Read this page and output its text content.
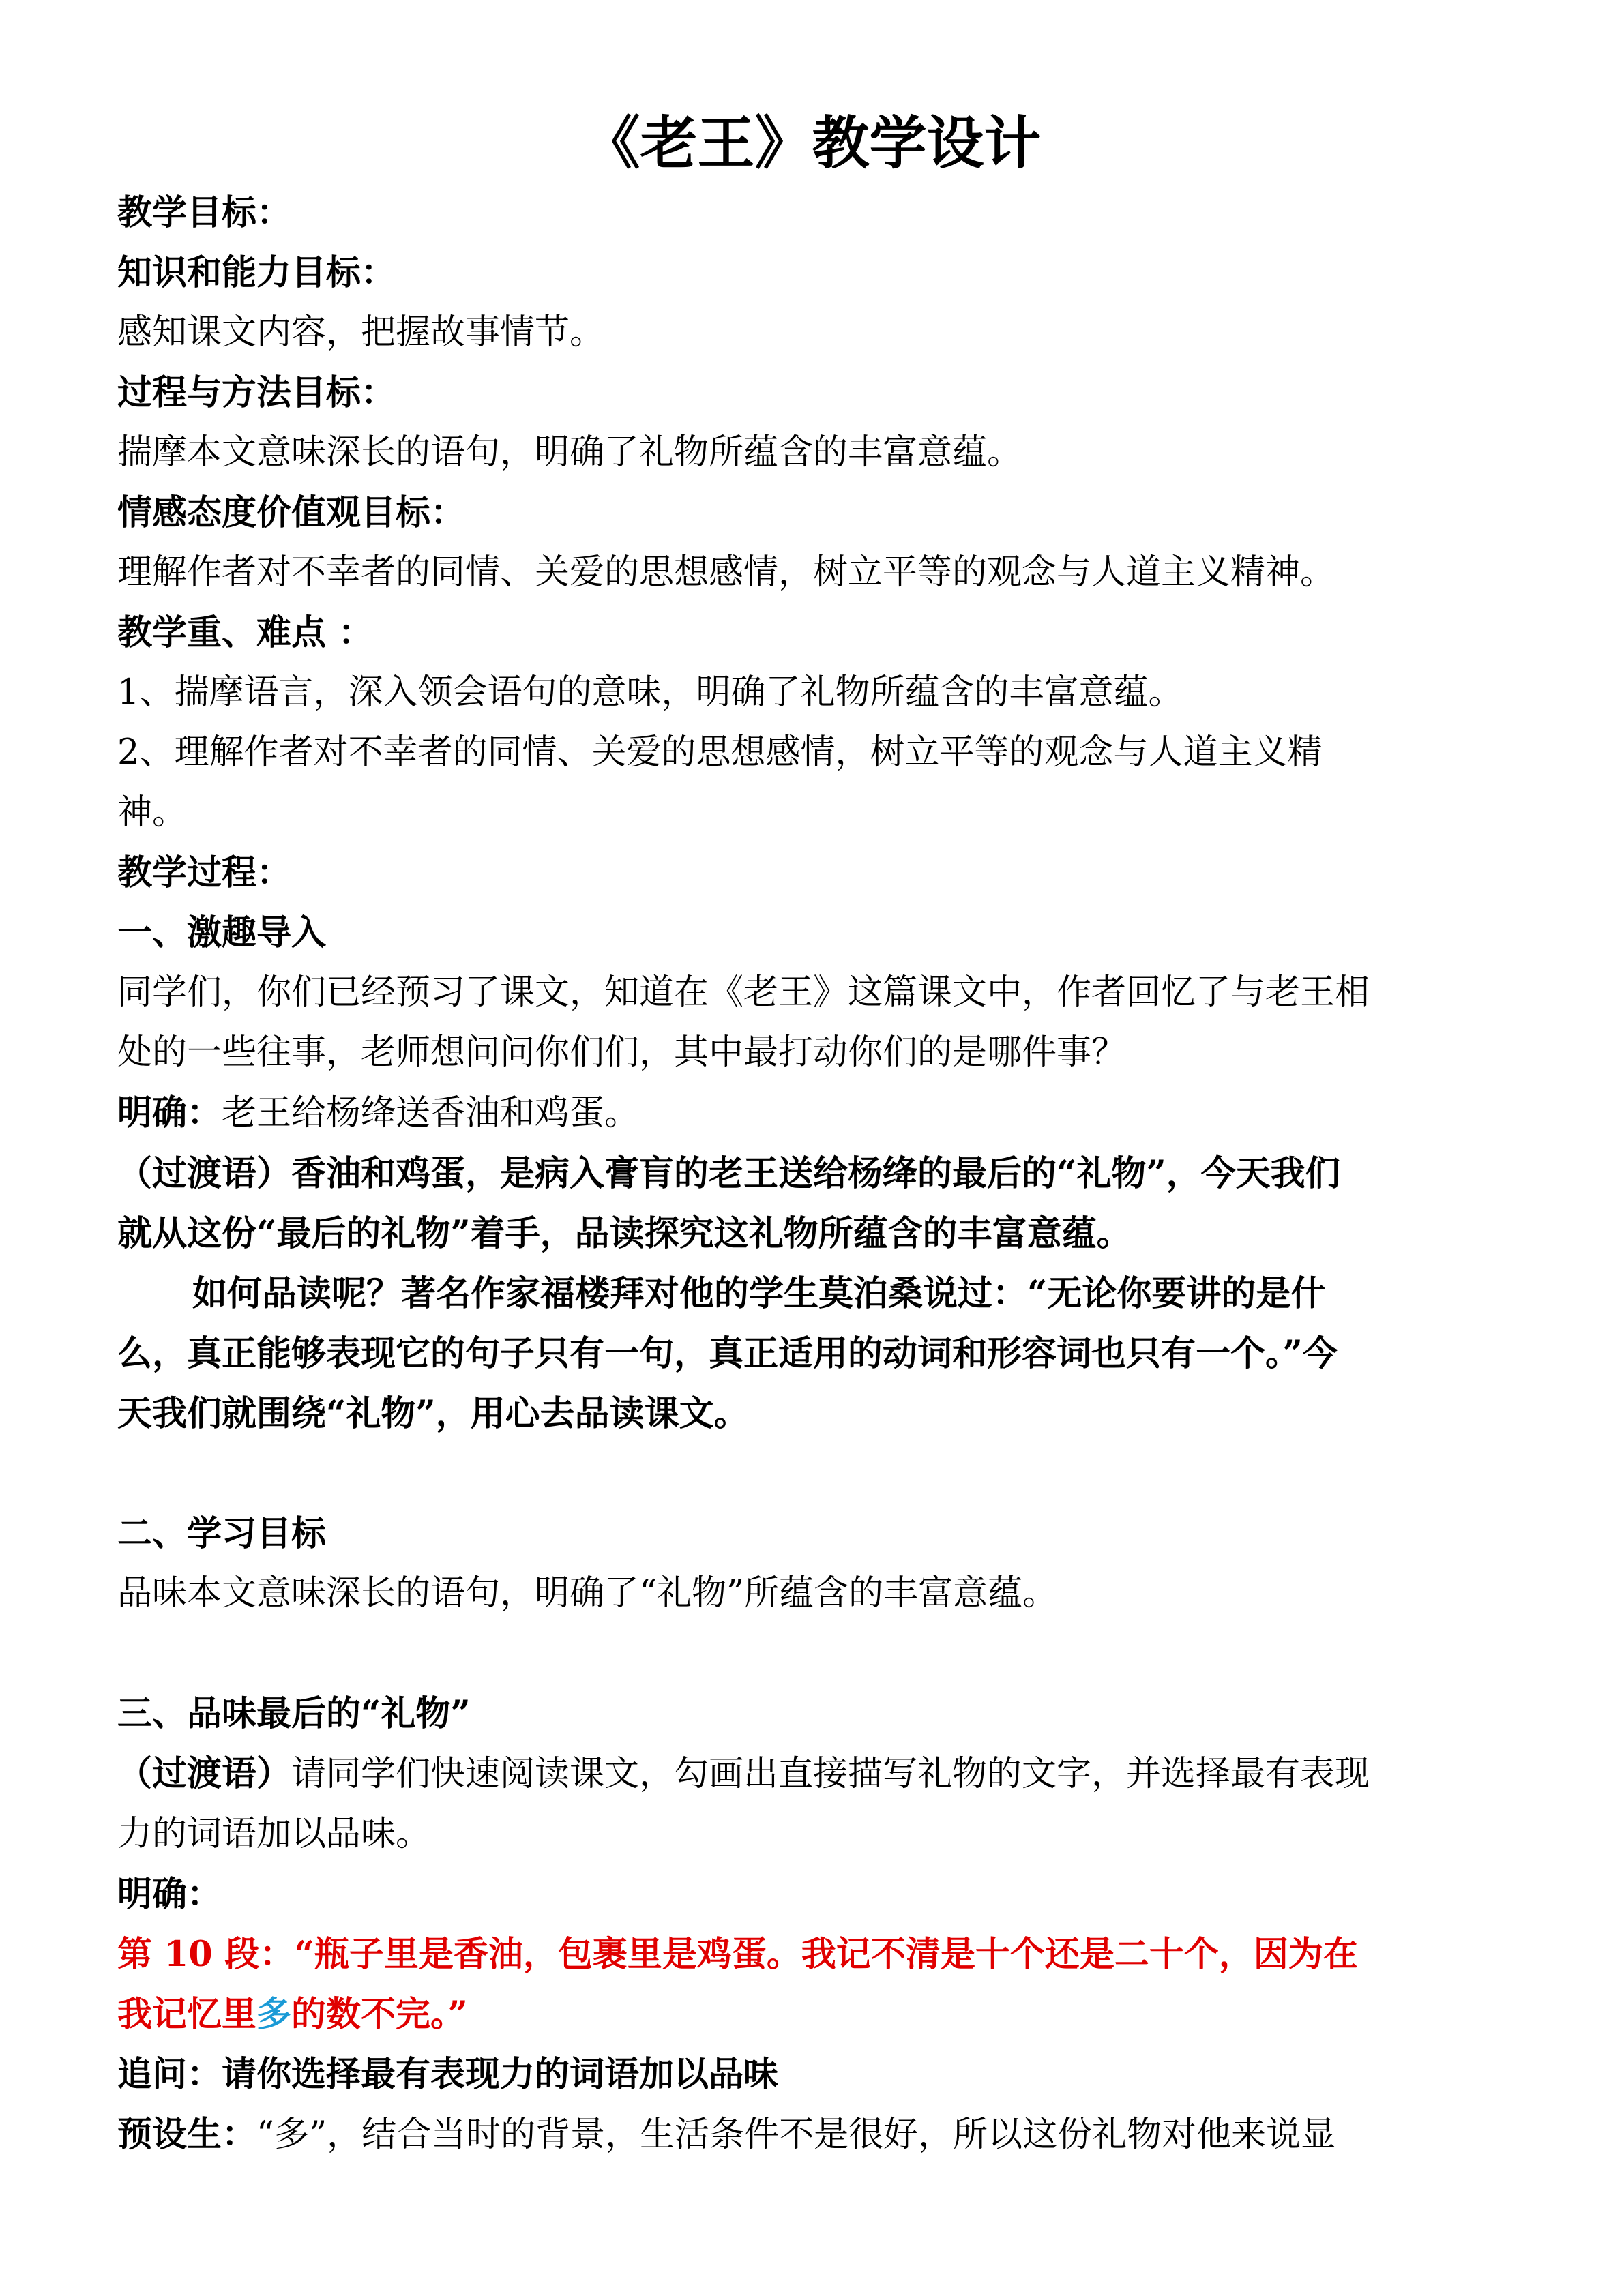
《老王》教学设计
教学目标：
知识和能力目标：
感知课文内容，把握故事情节。
过程与方法目标：
揣摩本文意味深长的语句，明确了礼物所蕴含的丰富意蕴。
情感态度价值观目标：
理解作者对不幸者的同情、关爱的思想感情，树立平等的观念与人道主义精神。
教学重、难点 ：
1、揣摩语言，深入领会语句的意味，明确了礼物所蕴含的丰富意蕴。
2、理解作者对不幸者的同情、关爱的思想感情，树立平等的观念与人道主义精
神。
教学过程：
一、激趣导入
同学们，你们已经预习了课文，知道在《老王》这篇课文中，作者回忆了与老王相
处的一些往事，老师想问问你们们，其中最打动你们的是哪件事？
明确：老王给杨绛送香油和鸡蛋。
（过渡语）香油和鸡蛋，是病入膏肓的老王送给杨绛的最后的“礼物”，今天我们
就从这份“最后的礼物”着手，品读探究这礼物所蕴含的丰富意蕴。
如何品读呢？著名作家福楼拜对他的学生莫泊桑说过：“无论你要讲的是什
么，真正能够表现它的句子只有一句，真正适用的动词和形容词也只有一个。”今
天我们就围绕“礼物”，用心去品读课文。
二、学习目标
品味本文意味深长的语句，明确了“礼物”所蕴含的丰富意蕴。
三、品味最后的“礼物”
（过渡语）请同学们快速阅读课文，勾画出直接描写礼物的文字，并选择最有表现
力的词语加以品味。
明确：
第 10 段：“瓶子里是香油，包裹里是鸡蛋。我记不清是十个还是二十个，因为在
我记忆里多的数不完。”
追问：请你选择最有表现力的词语加以品味
预设生：“多”，结合当时的背景，生活条件不是很好，所以这份礼物对他来说显
